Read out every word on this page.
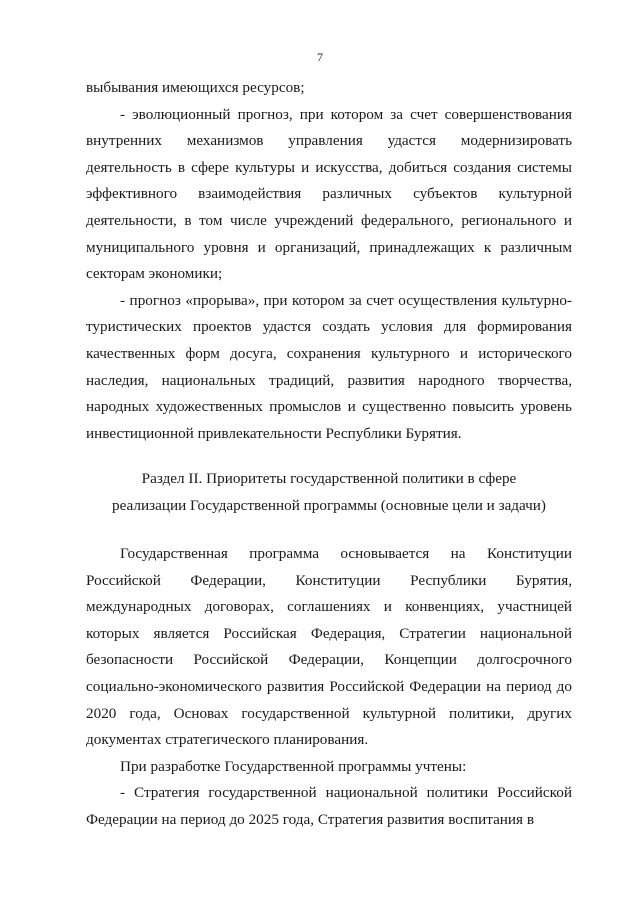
7

выбывания имеющихся ресурсов;

- эволюционный прогноз, при котором за счет совершенствования внутренних механизмов управления удастся модернизировать деятельность в сфере культуры и искусства, добиться создания системы эффективного взаимодействия различных субъектов культурной деятельности, в том числе учреждений федерального, регионального и муниципального уровня и организаций, принадлежащих к различным секторам экономики;

- прогноз «прорыва», при котором за счет осуществления культурно-туристических проектов удастся создать условия для формирования качественных форм досуга, сохранения культурного и исторического наследия, национальных традиций, развития народного творчества, народных художественных промыслов и существенно повысить уровень инвестиционной привлекательности Республики Бурятия.

Раздел II. Приоритеты государственной политики в сфере
реализации Государственной программы (основные цели и задачи)

Государственная программа основывается на Конституции Российской Федерации, Конституции Республики Бурятия, международных договорах, соглашениях и конвенциях, участницей которых является Российская Федерация, Стратегии национальной безопасности Российской Федерации, Концепции долгосрочного социально-экономического развития Российской Федерации на период до 2020 года, Основах государственной культурной политики, других документах стратегического планирования.

При разработке Государственной программы учтены:

- Стратегия государственной национальной политики Российской Федерации на период до 2025 года, Стратегия развития воспитания в
